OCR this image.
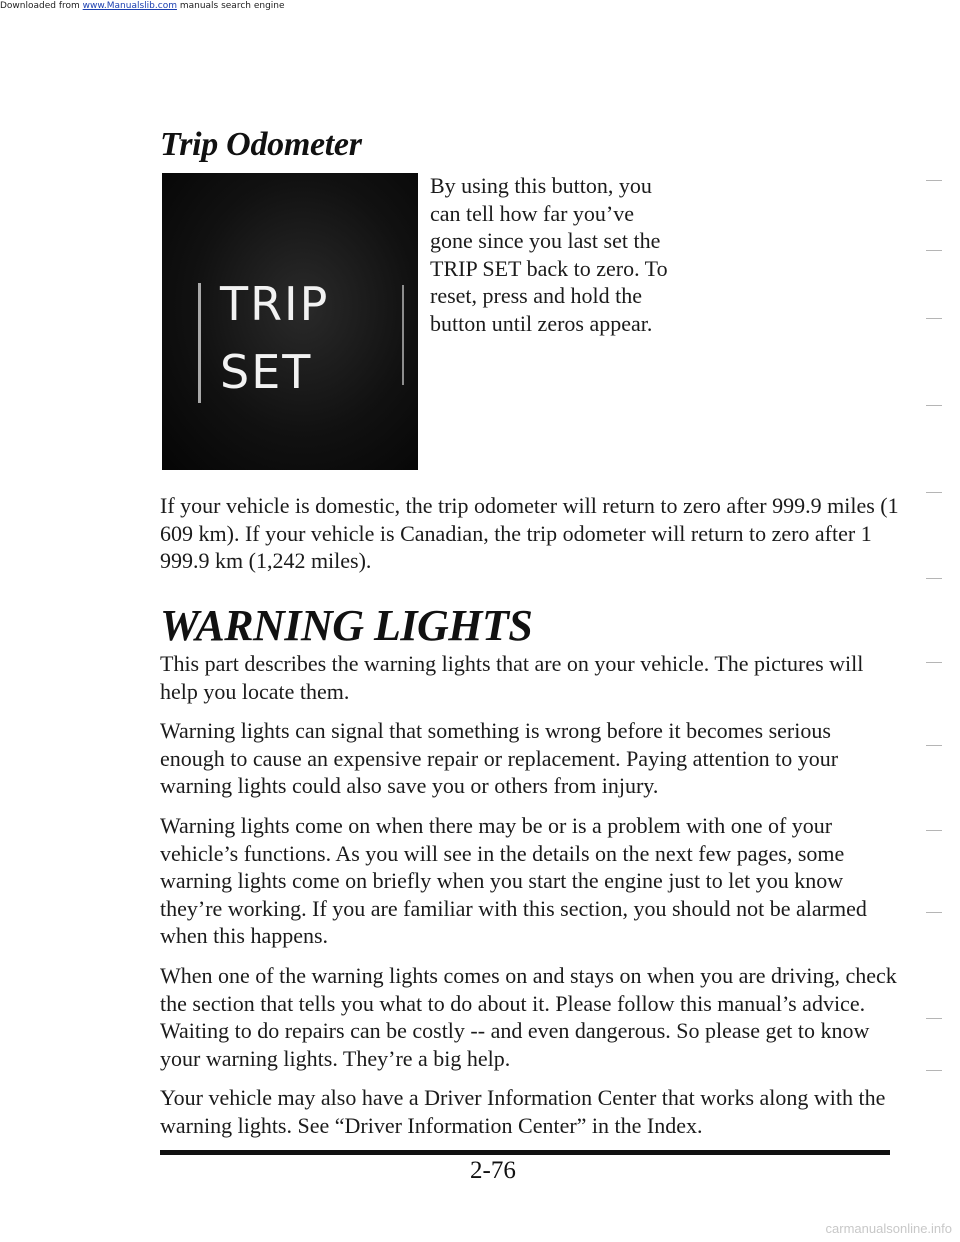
Downloaded from www.Manualslib.com manuals search engine
Trip Odometer
TRIP
SET
By using this button, you can tell how far you’ve gone since you last set the TRIP SET back to zero. To reset, press and hold the button until zeros appear.

If your vehicle is domestic, the trip odometer will return to zero after 999.9 miles (1 609 km). If your vehicle is Canadian, the trip odometer will return to zero after 1 999.9 km (1,242 miles).

WARNING LIGHTS

This part describes the warning lights that are on your vehicle. The pictures will help you locate them.

Warning lights can signal that something is wrong before it becomes serious enough to cause an expensive repair or replacement. Paying attention to your warning lights could also save you or others from injury.

Warning lights come on when there may be or is a problem with one of your vehicle’s functions. As you will see in the details on the next few pages, some warning lights come on briefly when you start the engine just to let you know they’re working. If you are familiar with this section, you should not be alarmed when this happens.

When one of the warning lights comes on and stays on when you are driving, check the section that tells you what to do about it. Please follow this manual’s advice. Waiting to do repairs can be costly -- and even dangerous. So please get to know your warning lights. They’re a big help.

Your vehicle may also have a Driver Information Center that works along with the warning lights. See “Driver Information Center” in the Index.

2-76
carmanualsonline.info
